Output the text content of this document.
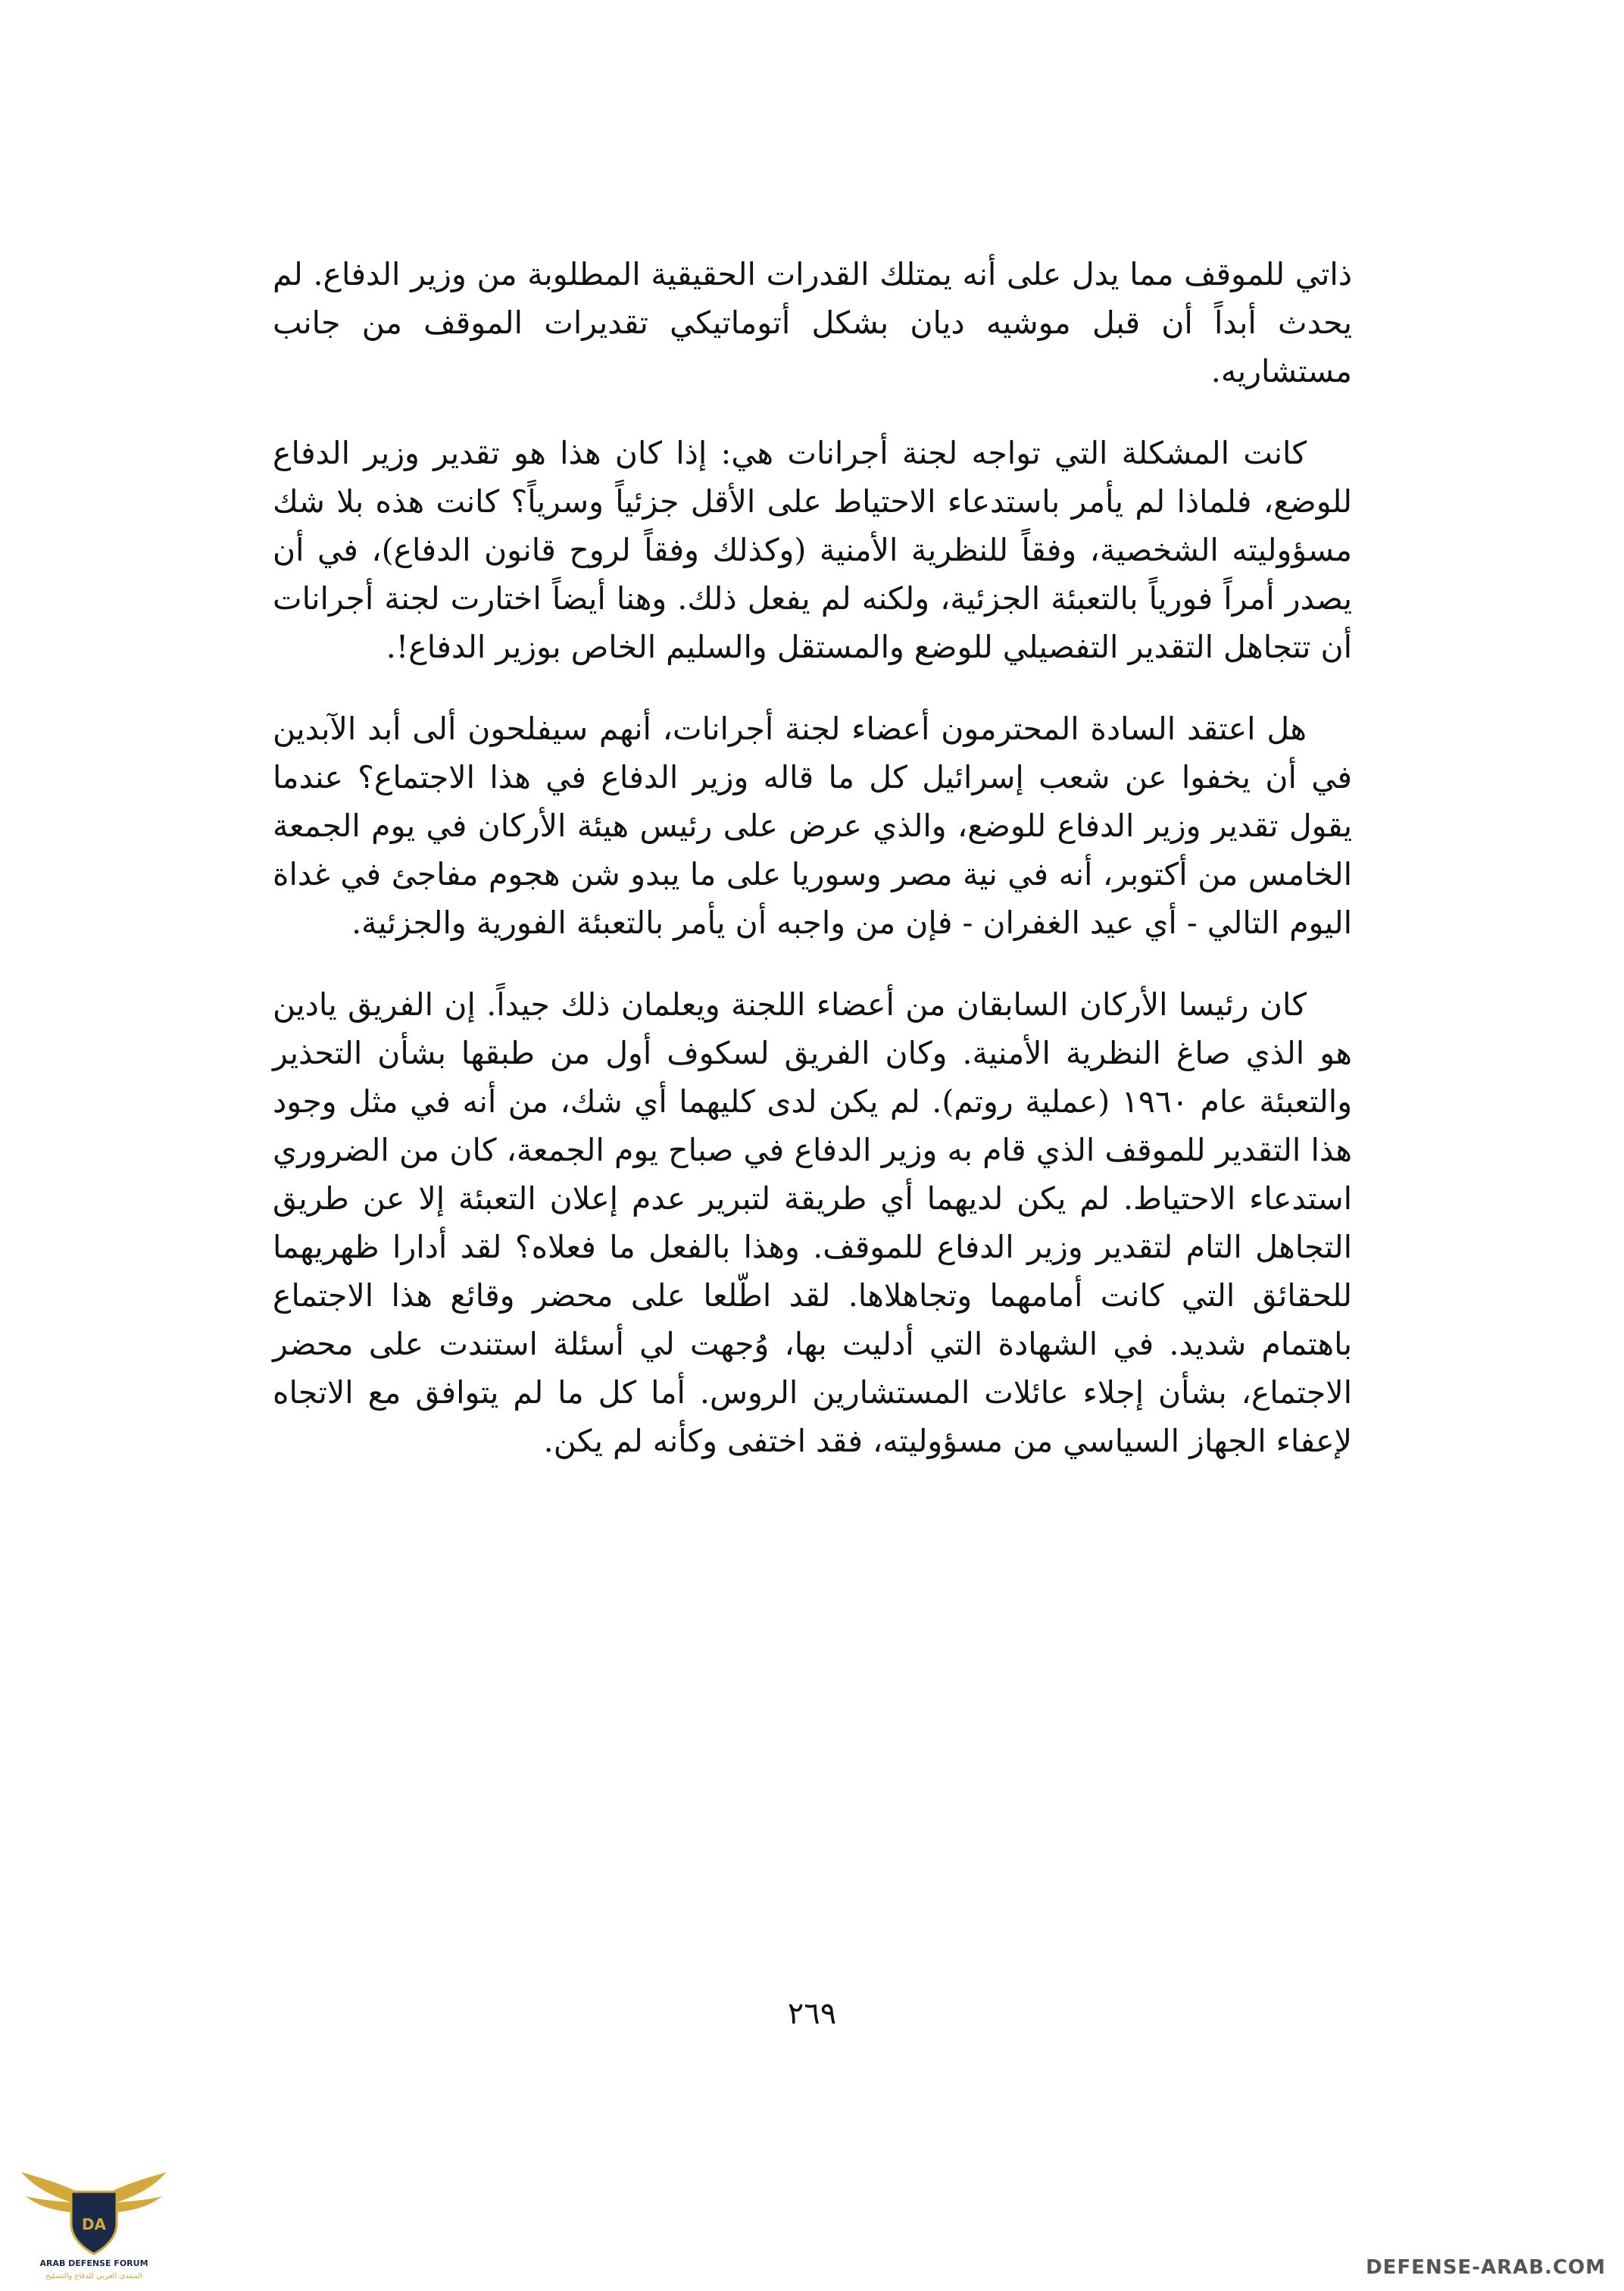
ذاتي للموقف مما يدل على أنه يمتلك القدرات الحقيقية المطلوبة من وزير الدفاع. لم يحدث أبداً أن قبل موشيه ديان بشكل أتوماتيكي تقديرات الموقف من جانب مستشاريه.

كانت المشكلة التي تواجه لجنة أجرانات هي: إذا كان هذا هو تقدير وزير الدفاع للوضع، فلماذا لم يأمر باستدعاء الاحتياط على الأقل جزئياً وسرياً؟ كانت هذه بلا شك مسؤوليته الشخصية، وفقاً للنظرية الأمنية (وكذلك وفقاً لروح قانون الدفاع)، في أن يصدر أمراً فورياً بالتعبئة الجزئية، ولكنه لم يفعل ذلك. وهنا أيضاً اختارت لجنة أجرانات أن تتجاهل التقدير التفصيلي للوضع والمستقل والسليم الخاص بوزير الدفاع!.

هل اعتقد السادة المحترمون أعضاء لجنة أجرانات، أنهم سيفلحون ألى أبد الآبدين في أن يخفوا عن شعب إسرائيل كل ما قاله وزير الدفاع في هذا الاجتماع؟ عندما يقول تقدير وزير الدفاع للوضع، والذي عرض على رئيس هيئة الأركان في يوم الجمعة الخامس من أكتوبر، أنه في نية مصر وسوريا على ما يبدو شن هجوم مفاجئ في غداة اليوم التالي - أي عيد الغفران - فإن من واجبه أن يأمر بالتعبئة الفورية والجزئية.

كان رئيسا الأركان السابقان من أعضاء اللجنة ويعلمان ذلك جيداً. إن الفريق يادين هو الذي صاغ النظرية الأمنية. وكان الفريق لسكوف أول من طبقها بشأن التحذير والتعبئة عام ١٩٦٠ (عملية روتم). لم يكن لدى كليهما أي شك، من أنه في مثل وجود هذا التقدير للموقف الذي قام به وزير الدفاع في صباح يوم الجمعة، كان من الضروري استدعاء الاحتياط. لم يكن لديهما أي طريقة لتبرير عدم إعلان التعبئة إلا عن طريق التجاهل التام لتقدير وزير الدفاع للموقف. وهذا بالفعل ما فعلاه؟ لقد أدارا ظهريهما للحقائق التي كانت أمامهما وتجاهلاها. لقد اطّلعا على محضر وقائع هذا الاجتماع باهتمام شديد. في الشهادة التي أدليت بها، وُجهت لي أسئلة استندت على محضر الاجتماع، بشأن إجلاء عائلات المستشارين الروس. أما كل ما لم يتوافق مع الاتجاه لإعفاء الجهاز السياسي من مسؤوليته، فقد اختفى وكأنه لم يكن.

٢٦٩
DA
ARAB DEFENSE FORUM
المنتدى العربي للدفاع والتسليح	DEFENSE-ARAB.COM
